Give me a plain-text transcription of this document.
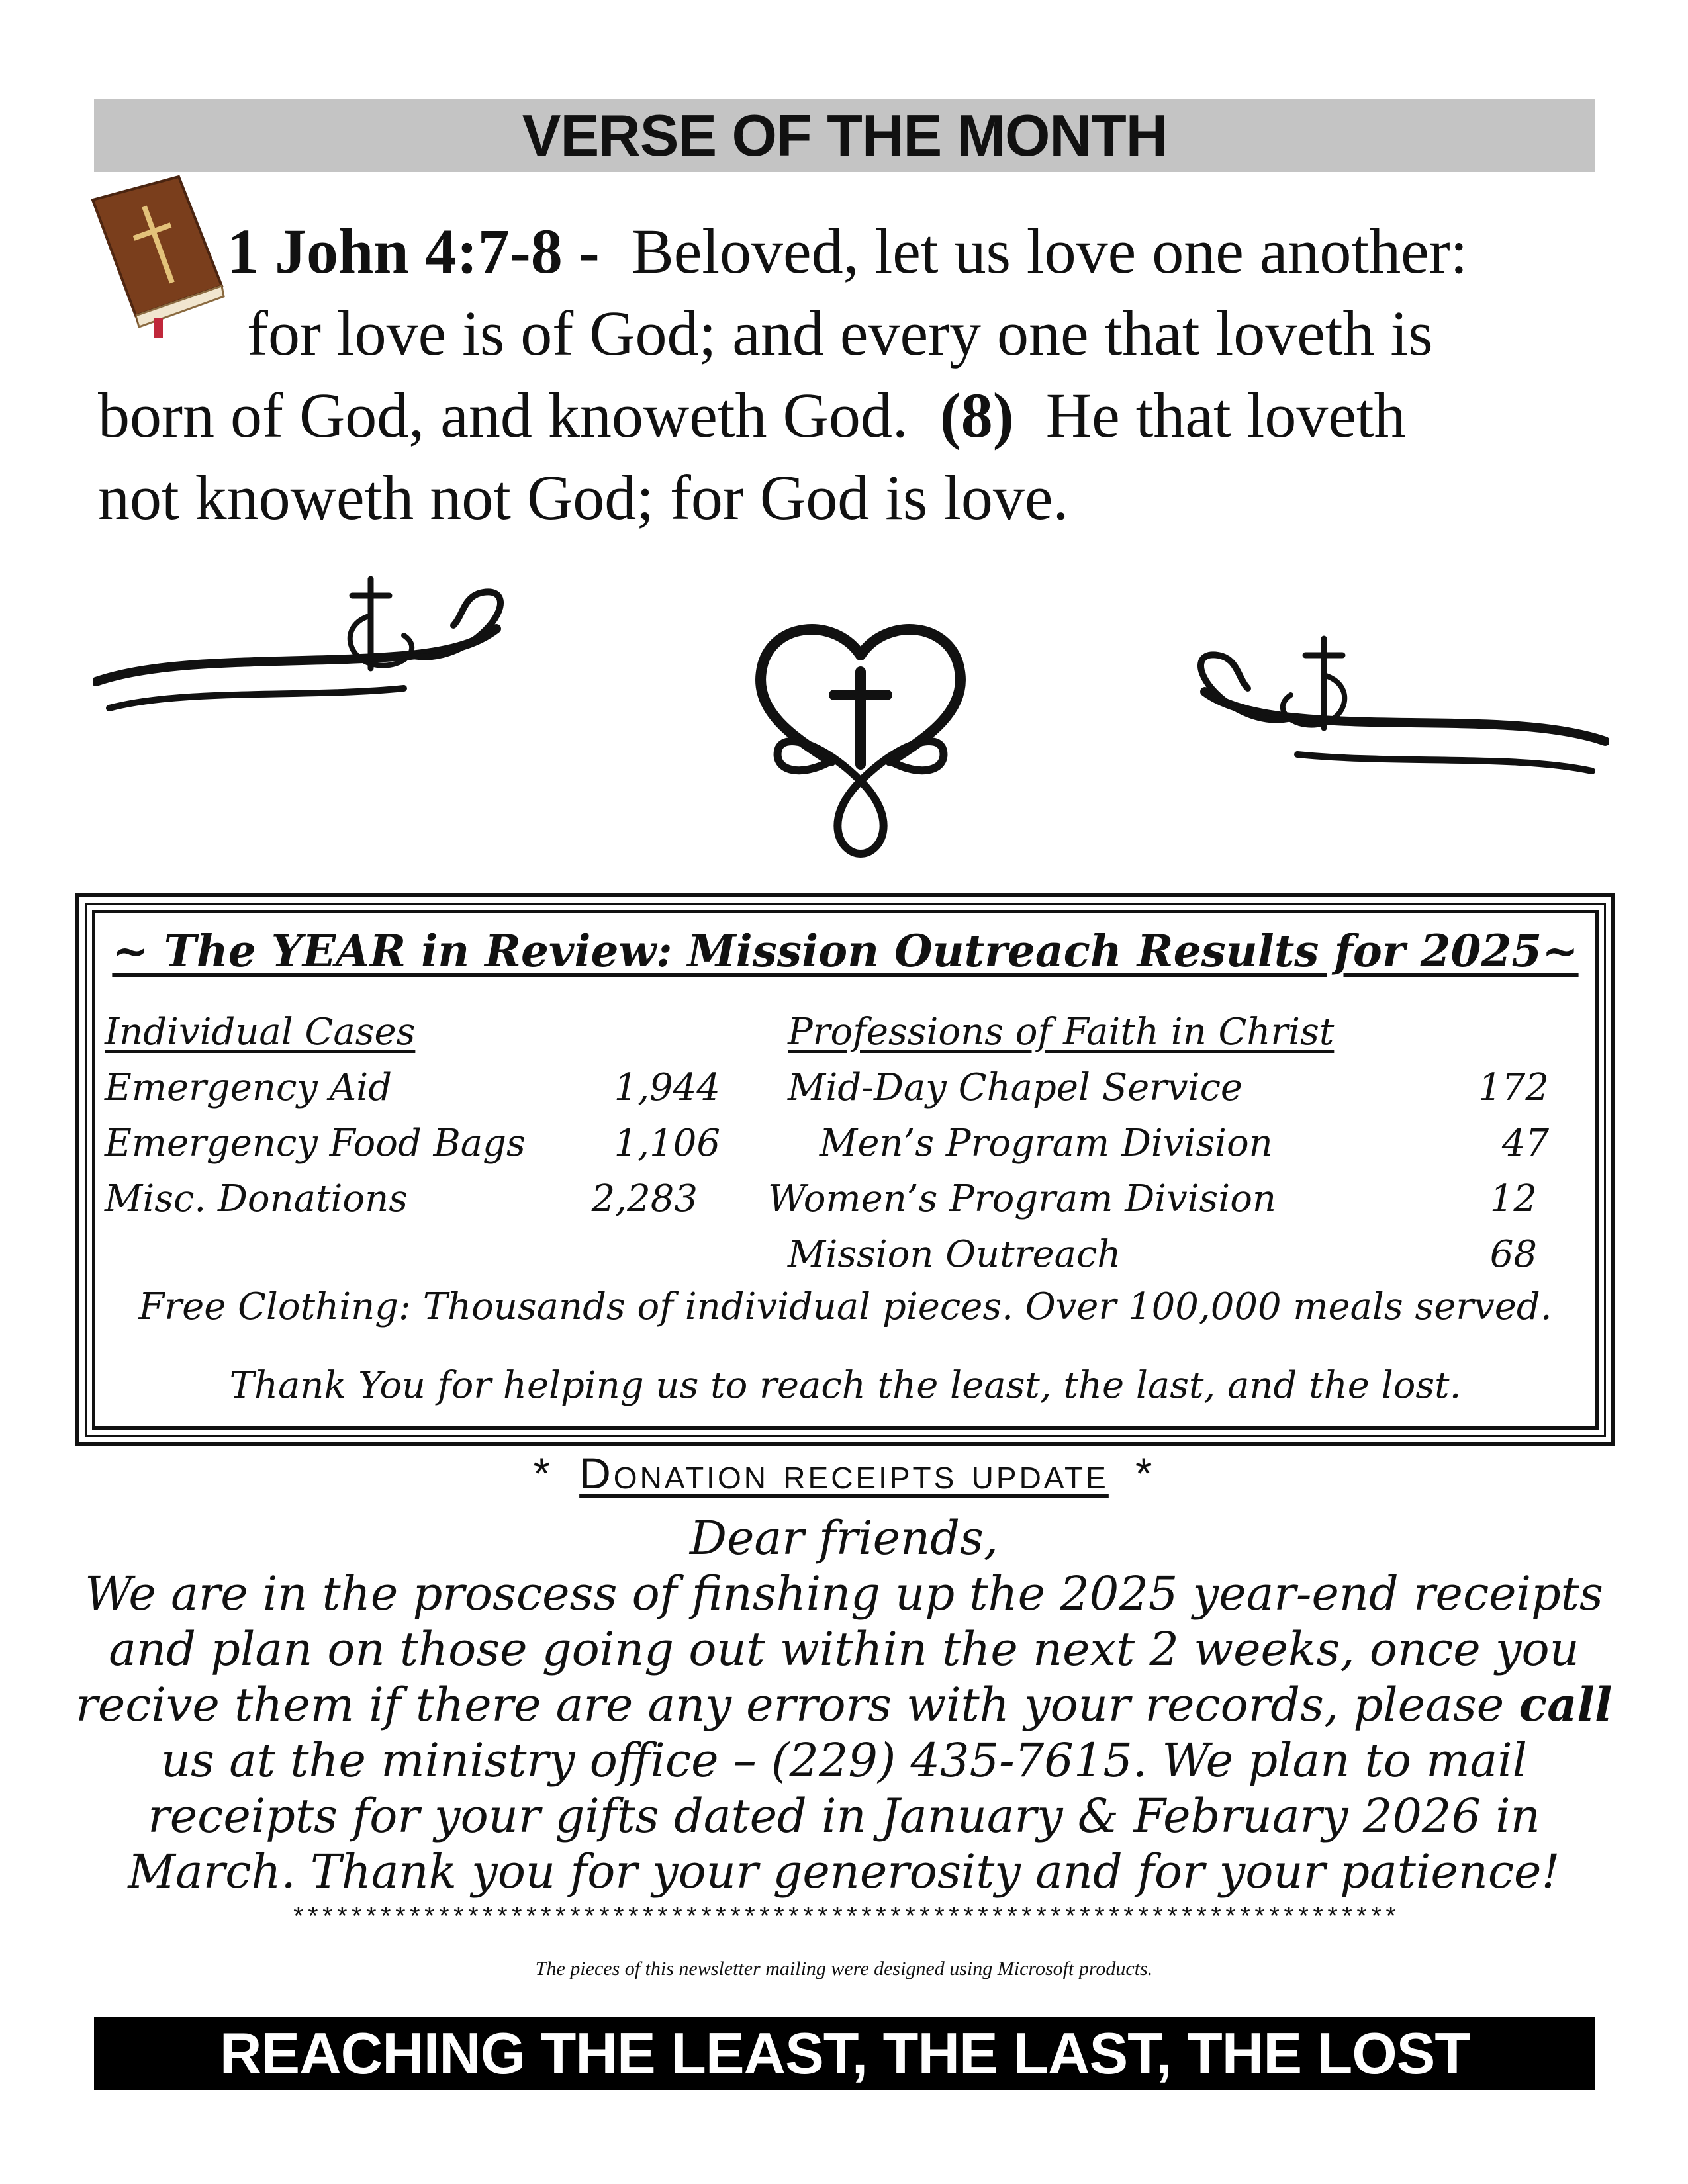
VERSE OF THE MONTH
1 John 4:7-8 - Beloved, let us love one another:
for love is of God; and every one that loveth is
born of God, and knoweth God. (8) He that loveth
not knoweth not God; for God is love.
~ The YEAR in Review: Mission Outreach Results for 2025~
Individual Cases
Emergency Aid	1,944
Emergency Food Bags 1,106
Misc. Donations	2,283
Professions of Faith in Christ
Mid-Day Chapel Service	172
Men’s Program Division	47
Women’s Program Division	12
Mission Outreach	68
Free Clothing: Thousands of individual pieces. Over 100,000 meals served.
Thank You for helping us to reach the least, the last, and the lost.
* Donation receipts update *
Dear friends,
We are in the proscess of finshing up the 2025 year-end receipts
and plan on those going out within the next 2 weeks, once you
recive them if there are any errors with your records, please call
us at the ministry office – (229) 435-7615. We plan to mail
receipts for your gifts dated in January & February 2026 in
March. Thank you for your generosity and for your patience!
****************************************************************************
The pieces of this newsletter mailing were designed using Microsoft products.
REACHING THE LEAST, THE LAST, THE LOST
